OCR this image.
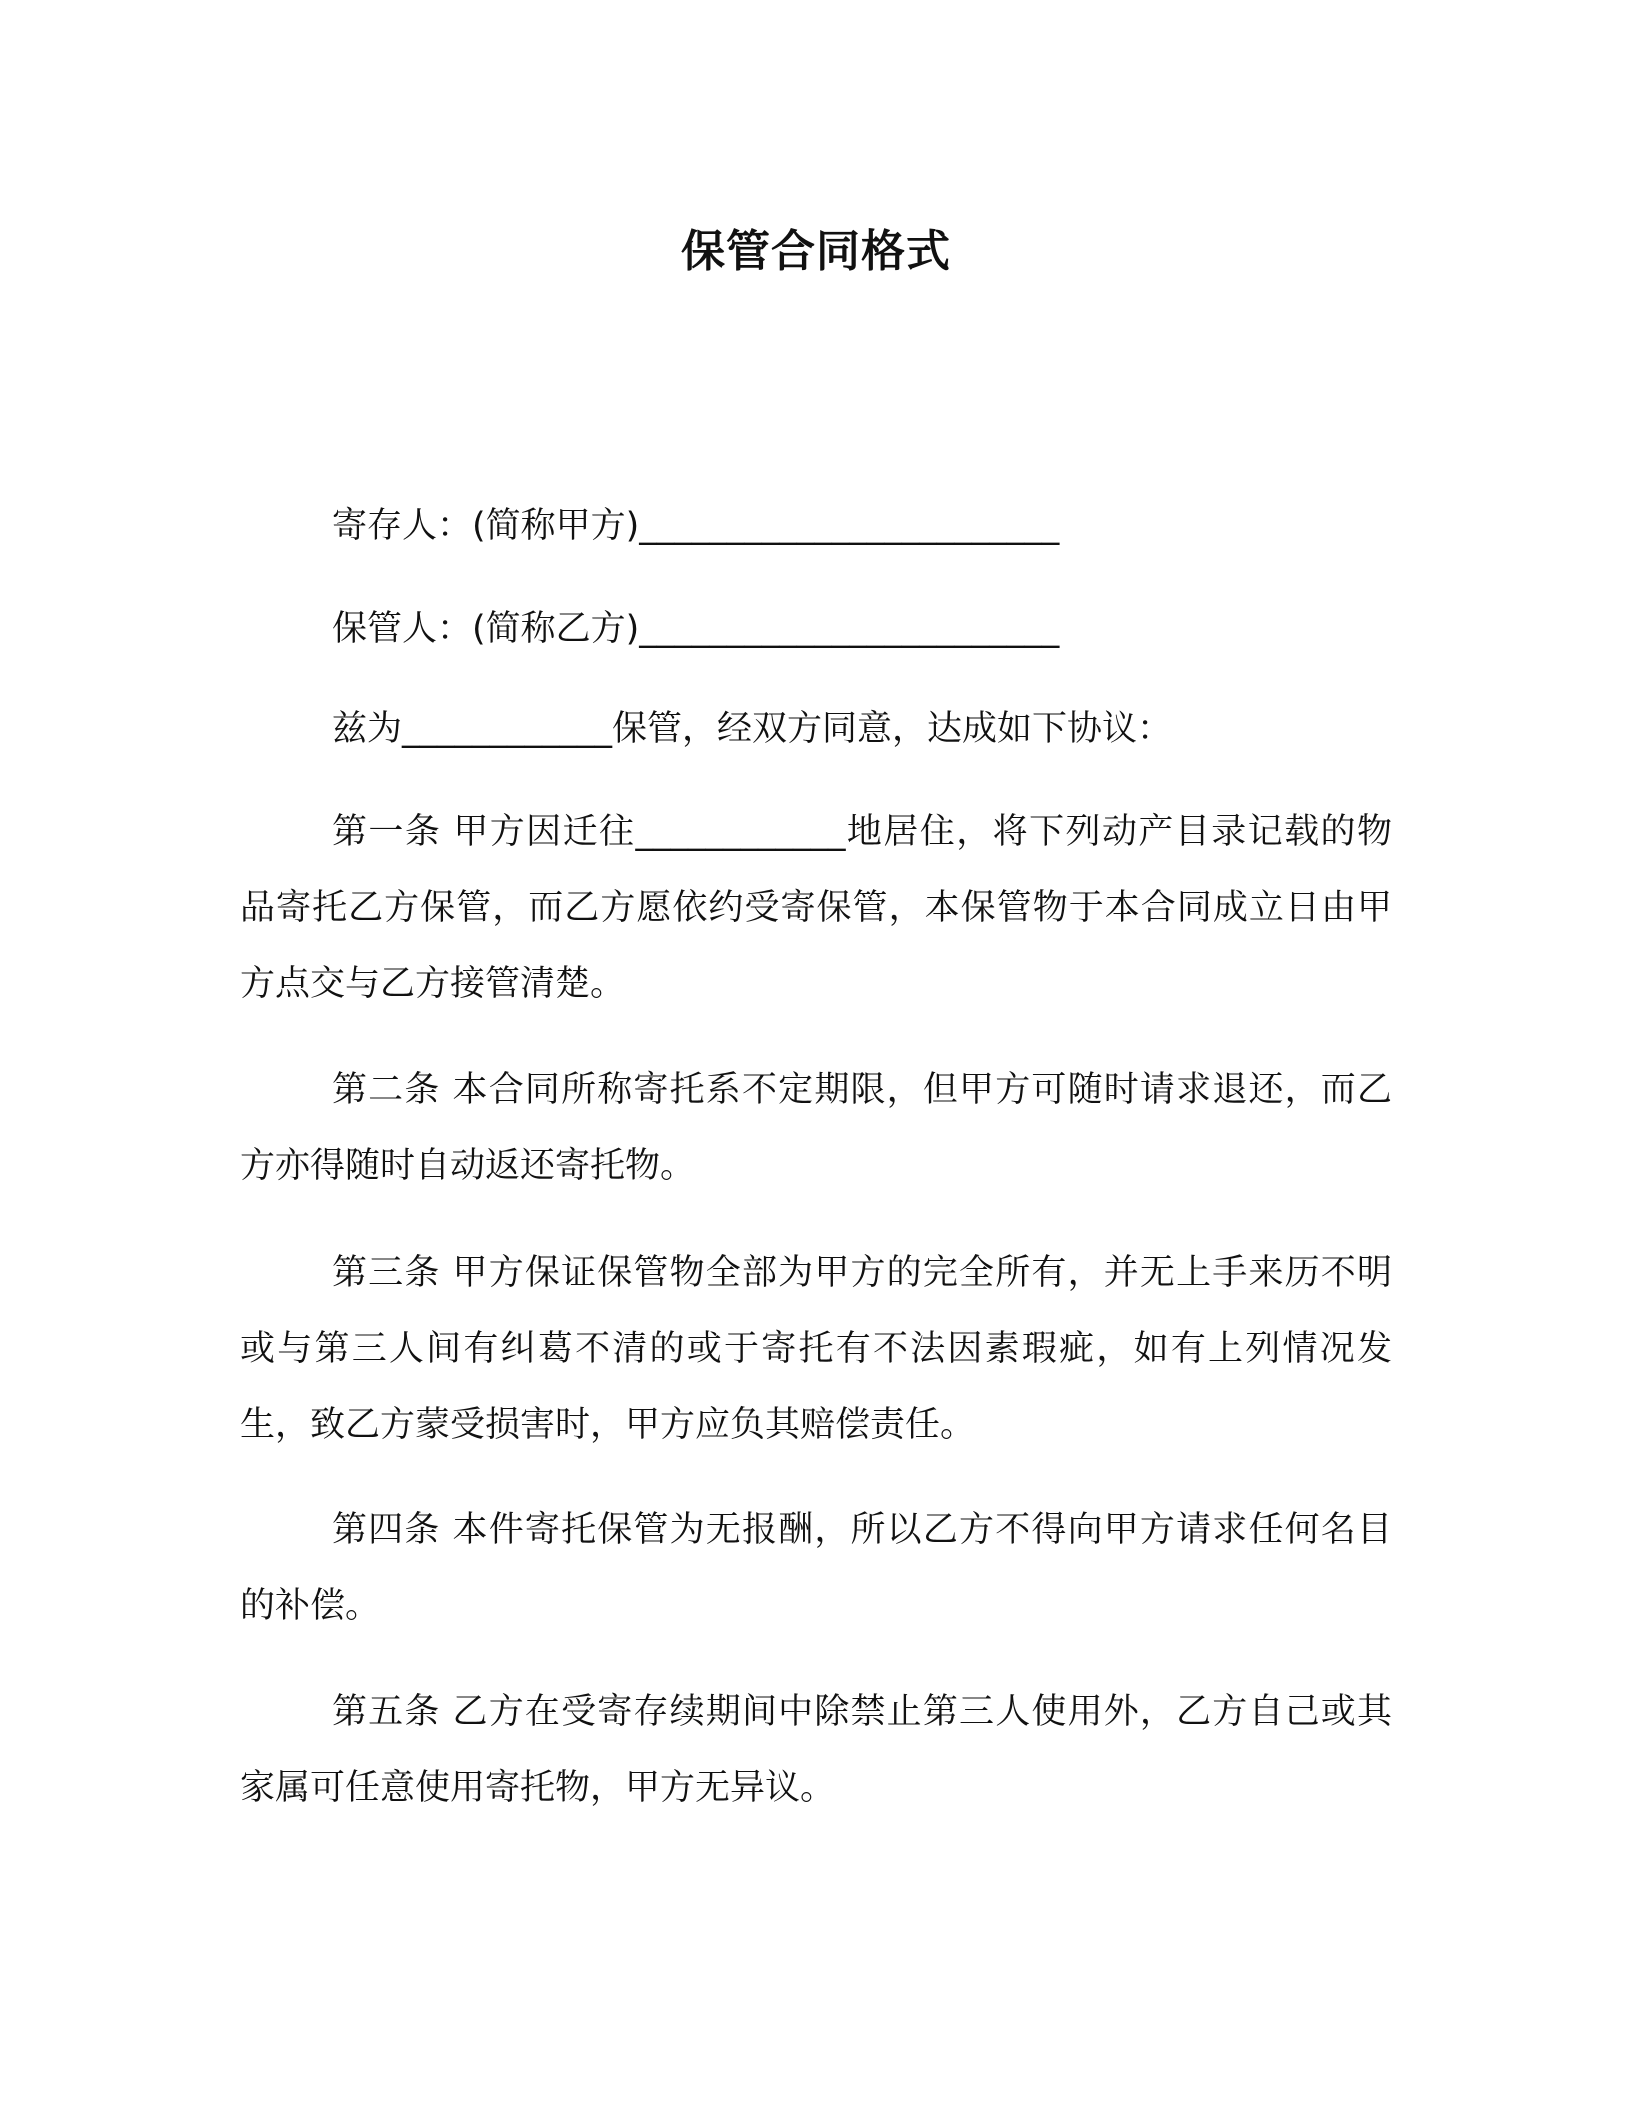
保管合同格式
寄存人：(简称甲方)________________________
保管人：(简称乙方)________________________
兹为____________保管，经双方同意，达成如下协议：
第一条 甲方因迁往____________地居住，将下列动产目录记载的物品寄托乙方保管，而乙方愿依约受寄保管，本保管物于本合同成立日由甲方点交与乙方接管清楚。
第二条 本合同所称寄托系不定期限，但甲方可随时请求退还，而乙方亦得随时自动返还寄托物。
第三条 甲方保证保管物全部为甲方的完全所有，并无上手来历不明或与第三人间有纠葛不清的或于寄托有不法因素瑕疵，如有上列情况发生，致乙方蒙受损害时，甲方应负其赔偿责任。
第四条 本件寄托保管为无报酬，所以乙方不得向甲方请求任何名目的补偿。
第五条 乙方在受寄存续期间中除禁止第三人使用外，乙方自己或其家属可任意使用寄托物，甲方无异议。
